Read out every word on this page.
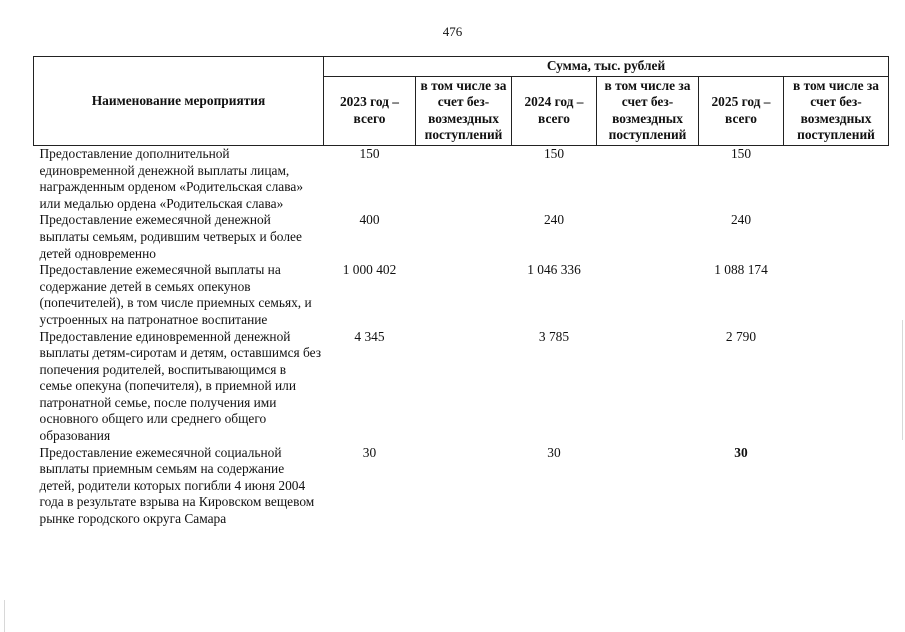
476
Наименование мероприятия	Сумма, тыс. рублей					
	2023 год – всего	в том числе за счет без-возмездных поступлений	2024 год – всего	в том числе за счет без-возмездных поступлений	2025 год – всего	в том числе за счет без-возмездных поступлений
Предоставление дополнительной единовременной денежной выплаты лицам, награжденным орденом «Родительская слава» или медалью ордена «Родительская слава»	150		150		150	
Предоставление ежемесячной денежной выплаты семьям, родившим четверых и более детей одновременно	400		240		240	
Предоставление ежемесячной выплаты на содержание детей в семьях опекунов (попечителей), в том числе приемных семьях, и устроенных на патронатное воспитание	1 000 402		1 046 336		1 088 174	
Предоставление единовременной денежной выплаты детям-сиротам и детям, оставшимся без попечения родителей, воспитывающимся в семье опекуна (попечителя), в приемной или патронатной семье, после получения ими основного общего или среднего общего образования	4 345		3 785		2 790	
Предоставление ежемесячной социальной выплаты приемным семьям на содержание детей, родители которых погибли 4 июня 2004 года в результате взрыва на Кировском вещевом рынке городского округа Самара	30		30		30	
